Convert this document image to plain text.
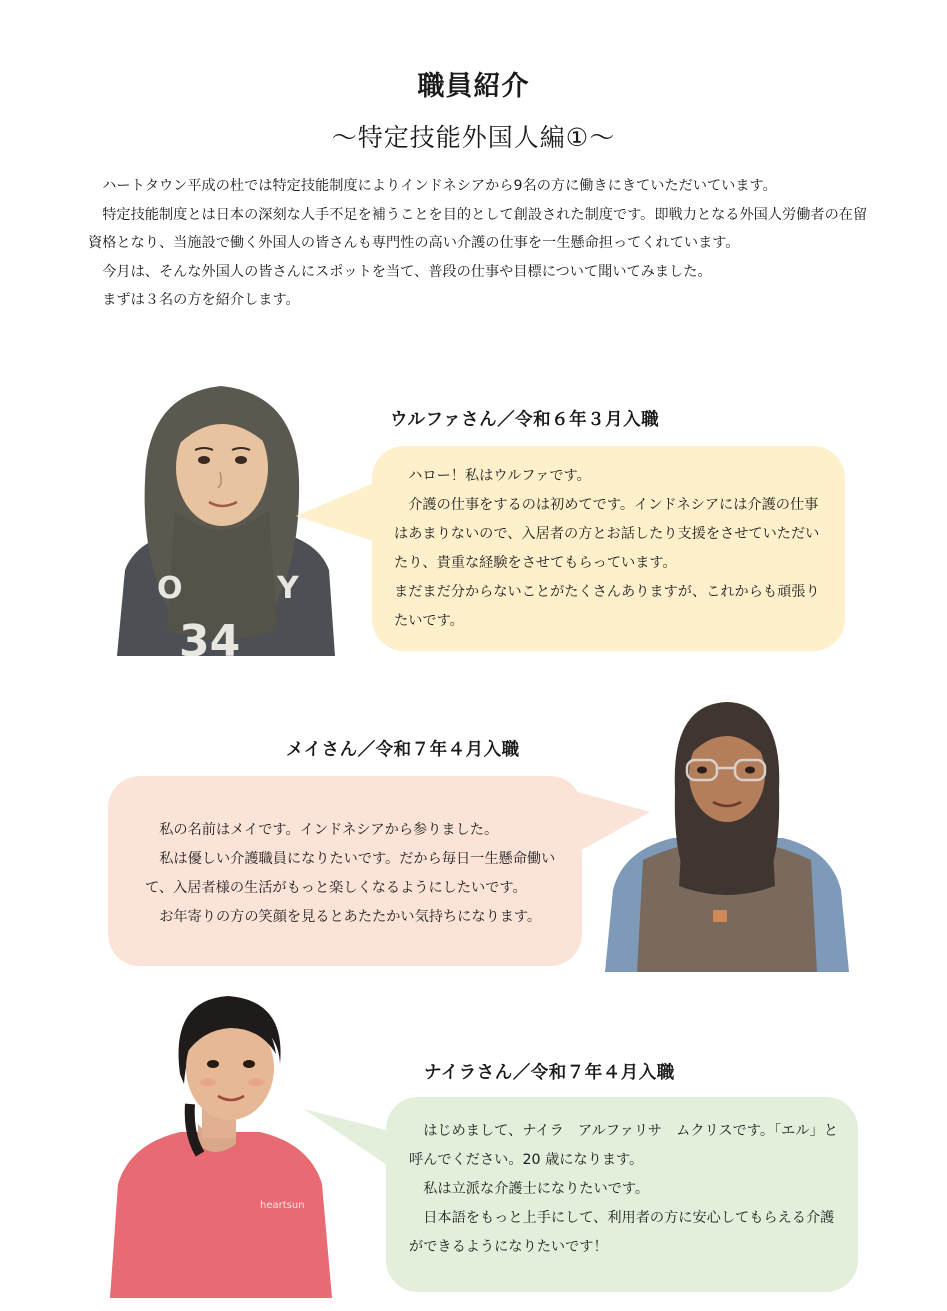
職員紹介
〜特定技能外国人編①〜

ハートタウン平成の杜では特定技能制度によりインドネシアから9名の方に働きにきていただいています。

特定技能制度とは日本の深刻な人手不足を補うことを目的として創設された制度です。即戦力となる外国人労働者の在留資格となり、当施設で働く外国人の皆さんも専門性の高い介護の仕事を一生懸命担ってくれています。

今月は、そんな外国人の皆さんにスポットを当て、普段の仕事や目標について聞いてみました。

まずは３名の方を紹介します。

O	Y
34
ウルファさん／令和６年３月入職

ハロー！私はウルファです。

介護の仕事をするのは初めてです。インドネシアには介護の仕事はあまりないので、入居者の方とお話したり支援をさせていただいたり、貴重な経験をさせてもらっています。

まだまだ分からないことがたくさんありますが、これからも頑張りたいです。

メイさん／令和７年４月入職

私の名前はメイです。インドネシアから参りました。

私は優しい介護職員になりたいです。だから毎日一生懸命働いて、入居者様の生活がもっと楽しくなるようにしたいです。

お年寄りの方の笑顔を見るとあたたかい気持ちになります。

heartsun
ナイラさん／令和７年４月入職

はじめまして、ナイラ　アルファリサ　ムクリスです。「エル」と呼んでください。20 歳になります。

私は立派な介護士になりたいです。

日本語をもっと上手にして、利用者の方に安心してもらえる介護ができるようになりたいです！
